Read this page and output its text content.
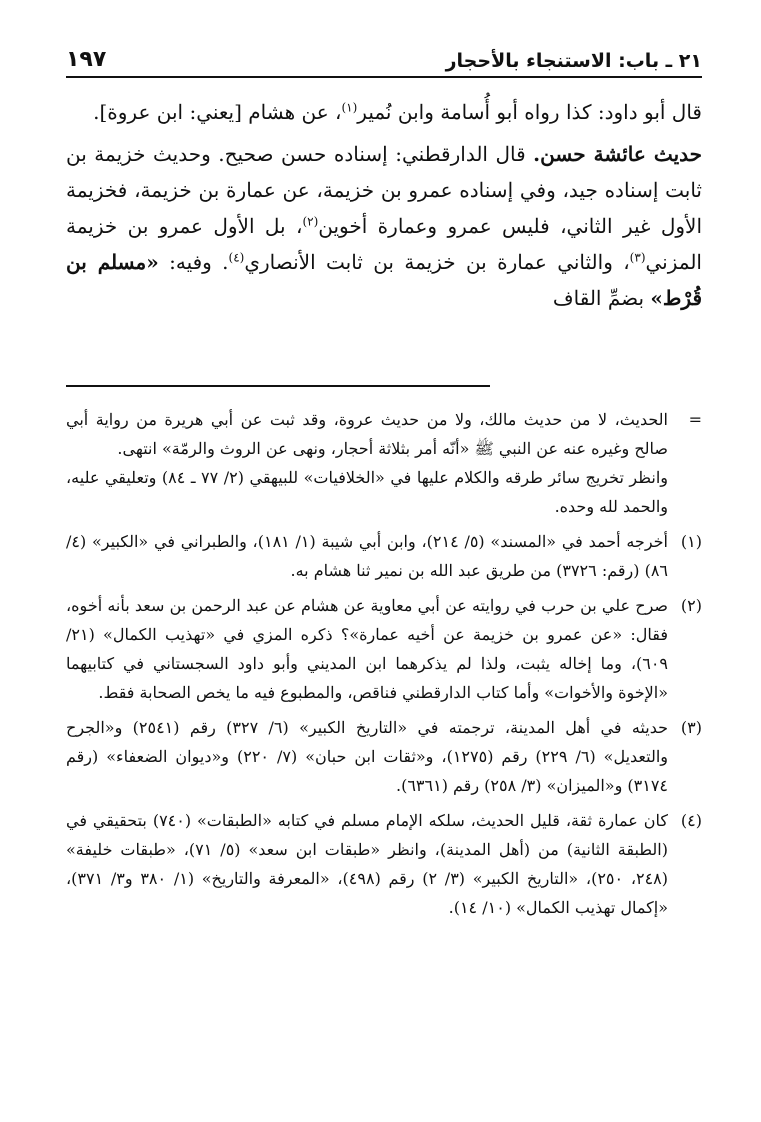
٢١ ـ باب: الاستنجاء بالأحجار
١٩٧

قال أبو داود: كذا رواه أبو أُسامة وابن نُمير$^{(١)}$، عن هشام [يعني: ابن عروة].

حديث عائشة حسن. قال الدارقطني: إسناده حسن صحيح. وحديث خزيمة بن ثابت إسناده جيد، وفي إسناده عمرو بن خزيمة، عن عمارة بن خزيمة، فخزيمة الأول غير الثاني، فليس عمرو وعمارة أخوين$^{(٢)}$، بل الأول عمرو بن خزيمة المزني$^{(٣)}$، والثاني عمارة بن خزيمة بن ثابت الأنصاري$^{(٤)}$. وفيه: «مسلم بن قُرْط» بضمِّ القاف

=

الحديث، لا من حديث مالك، ولا من حديث عروة، وقد ثبت عن أبي هريرة من رواية أبي صالح وغيره عنه عن النبي ﷺ «أنّه أمر بثلاثة أحجار، ونهى عن الروث والرمّة» انتهى.

وانظر تخريج سائر طرقه والكلام عليها في «الخلافيات» للبيهقي (٢/ ٧٧ ـ ٨٤) وتعليقي عليه، والحمد لله وحده.

(١)

أخرجه أحمد في «المسند» (٥/ ٢١٤)، وابن أبي شيبة (١/ ١٨١)، والطبراني في «الكبير» (٤/ ٨٦) (رقم: ٣٧٢٦) من طريق عبد الله بن نمير ثنا هشام به.

(٢)

صرح علي بن حرب في روايته عن أبي معاوية عن هشام عن عبد الرحمن بن سعد بأنه أخوه، فقال: «عن عمرو بن خزيمة عن أخيه عمارة»؟ ذكره المزي في «تهذيب الكمال» (٢١/ ٦٠٩)، وما إخاله يثبت، ولذا لم يذكرهما ابن المديني وأبو داود السجستاني في كتابيهما «الإخوة والأخوات» وأما كتاب الدارقطني فناقص، والمطبوع فيه ما يخص الصحابة فقط.

(٣)

حديثه في أهل المدينة، ترجمته في «التاريخ الكبير» (٦/ ٣٢٧) رقم (٢٥٤١) و«الجرح والتعديل» (٦/ ٢٢٩) رقم (١٢٧٥)، و«ثقات ابن حبان» (٧/ ٢٢٠) و«ديوان الضعفاء» (رقم ٣١٧٤) و«الميزان» (٣/ ٢٥٨) رقم (٦٣٦١).

(٤)

كان عمارة ثقة، قليل الحديث، سلكه الإمام مسلم في كتابه «الطبقات» (٧٤٠) بتحقيقي في (الطبقة الثانية) من (أهل المدينة)، وانظر «طبقات ابن سعد» (٥/ ٧١)، «طبقات خليفة» (٢٤٨، ٢٥٠)، «التاريخ الكبير» (٣/ ٢) رقم (٤٩٨)، «المعرفة والتاريخ» (١/ ٣٨٠ و٣/ ٣٧١)، «إكمال تهذيب الكمال» (١٠/ ١٤).
